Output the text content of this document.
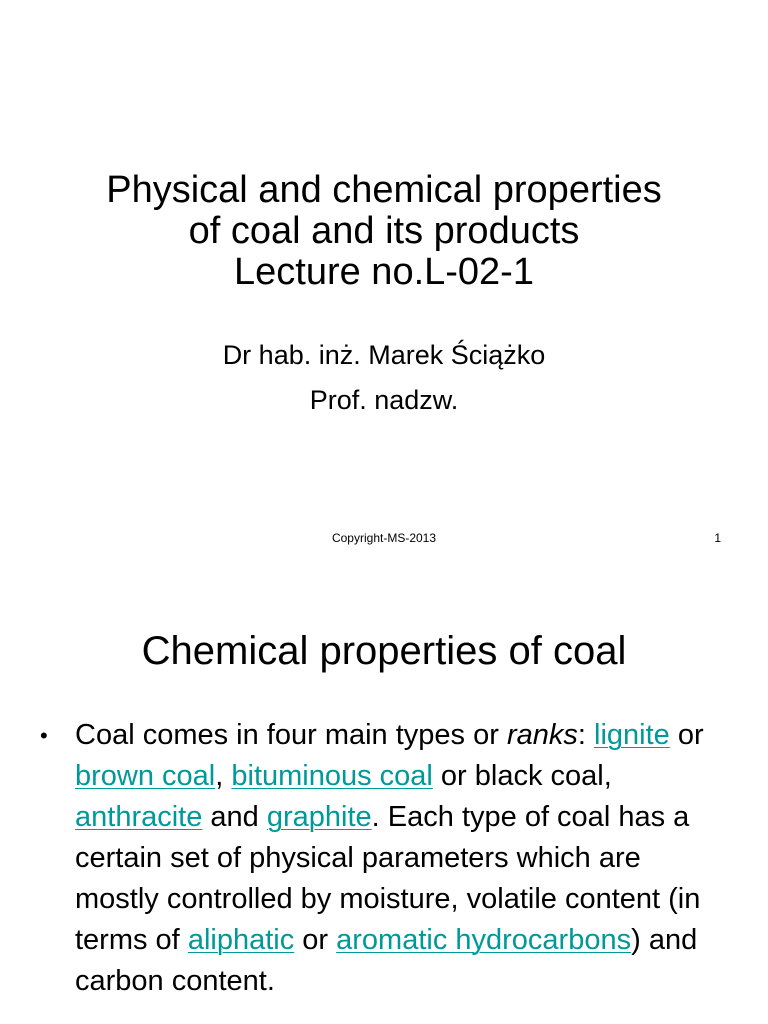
Physical and chemical properties
of coal and its products
Lecture no.L-02-1
Dr hab. inż. Marek Ściążko
Prof. nadzw.
Copyright-MS-2013	1
Chemical properties of coal
• Coal comes in four main types or ranks: lignite or brown coal, bituminous coal or black coal, anthracite and graphite. Each type of coal has a certain set of physical parameters which are mostly controlled by moisture, volatile content (in terms of aliphatic or aromatic hydrocarbons) and carbon content.
